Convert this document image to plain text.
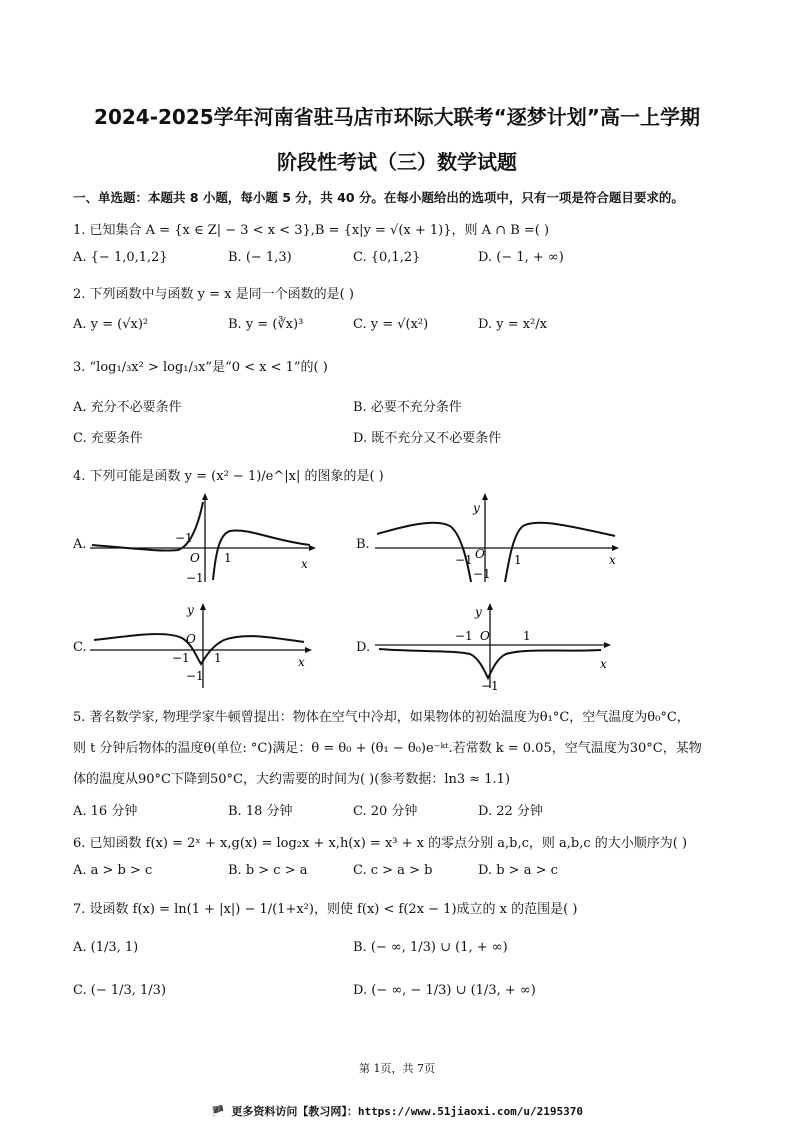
2024-2025学年河南省驻马店市环际大联考“逐梦计划”高一上学期
阶段性考试（三）数学试题
一、单选题：本题共 8 小题，每小题 5 分，共 40 分。在每小题给出的选项中，只有一项是符合题目要求的。
1. 已知集合 A = {x ∈ Z| − 3 < x < 3},B = {x|y = √(x + 1)}，则 A ∩ B =( )
A. {− 1,0,1,2}	B. (− 1,3)	C. {0,1,2}	D. (− 1, + ∞)
2. 下列函数中与函数 y = x 是同一个函数的是( )
A. y = (√x)²	B. y = (∛x)³	C. y = √(x²)	D. y = x²/x
3. “log₁/₃x² > log₁/₃x”是“0 < x < 1”的( )
A. 充分不必要条件	B. 必要不充分条件
C. 充要条件	D. 既不充分又不必要条件
4. 下列可能是函数 y = (x² − 1)/e^|x| 的图象的是( )
A.	B.
C.	D.
x
−1
O 1
−1
x
y
O
−1	1
−1
x
y
O
−1 1
−1
x
y
−1 O	1
−1
5. 著名数学家, 物理学家牛顿曾提出：物体在空气中冷却，如果物体的初始温度为θ₁°C，空气温度为θ₀°C，
则 t 分钟后物体的温度θ(单位: °C)满足：θ = θ₀ + (θ₁ − θ₀)e⁻ᵏᵗ.若常数 k = 0.05，空气温度为30°C，某物
体的温度从90°C下降到50°C，大约需要的时间为( )(参考数据：ln3 ≈ 1.1)
A. 16 分钟	B. 18 分钟	C. 20 分钟	D. 22 分钟
6. 已知函数 f(x) = 2ˣ + x,g(x) = log₂x + x,h(x) = x³ + x 的零点分别 a,b,c，则 a,b,c 的大小顺序为( )
A. a > b > c	B. b > c > a	C. c > a > b	D. b > a > c
7. 设函数 f(x) = ln(1 + |x|) − 1/(1+x²)，则使 f(x) < f(2x − 1)成立的 x 的范围是( )
A. (1/3, 1)	B. (− ∞, 1/3) ∪ (1, + ∞)
C. (− 1/3, 1/3)	D. (− ∞, − 1/3) ∪ (1/3, + ∞)
第 1页，共 7页
🏴 更多资料访问【教习网】：https://www.51jiaoxi.com/u/2195370
